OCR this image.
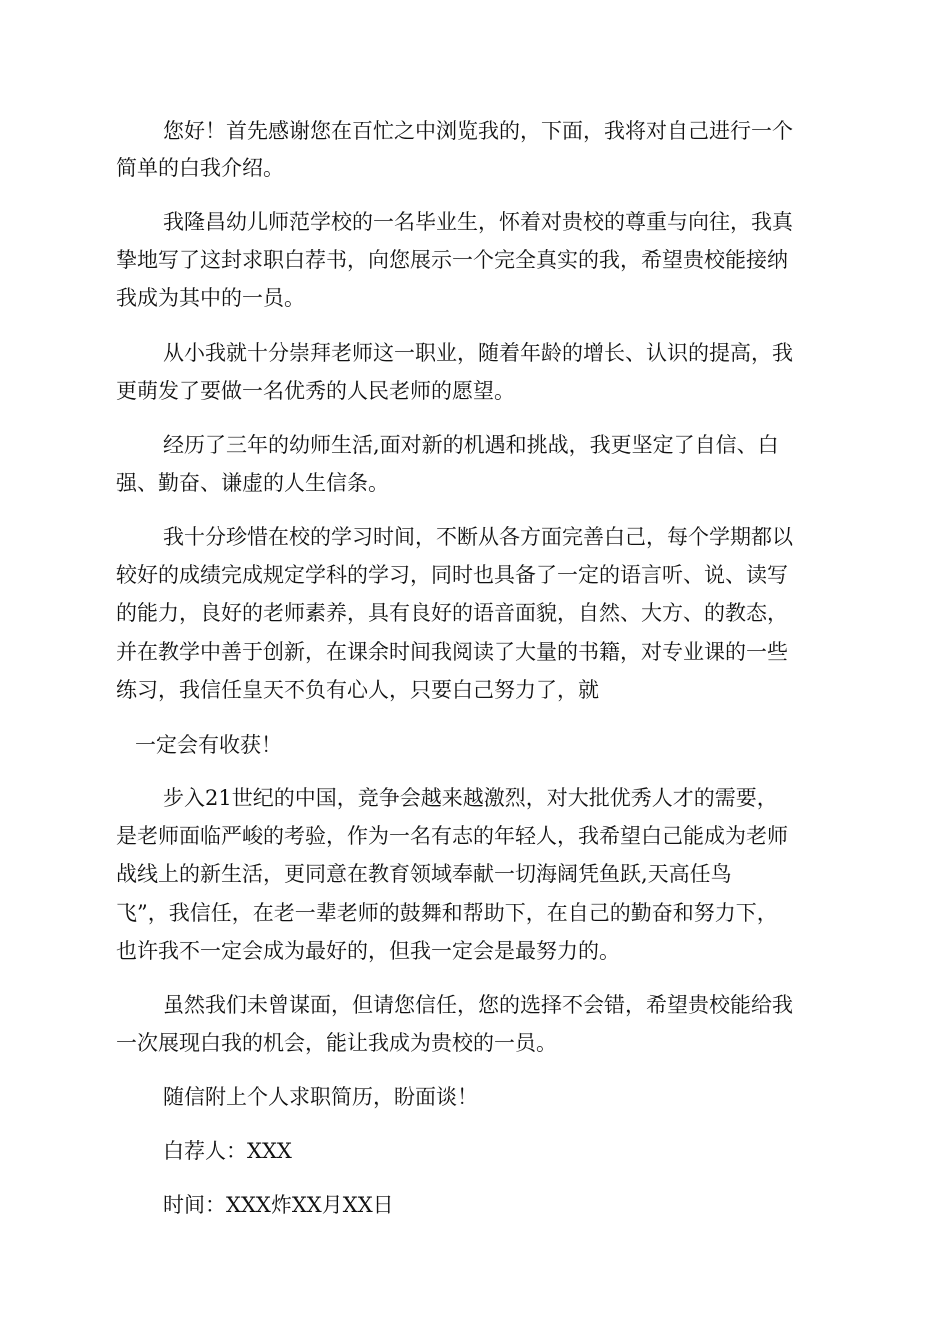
您好！首先感谢您在百忙之中浏览我的，下面，我将对自己进行一个

简单的白我介绍。

我隆昌幼儿师范学校的一名毕业生，怀着对贵校的尊重与向往，我真

挚地写了这封求职白荐书，向您展示一个完全真实的我，希望贵校能接纳

我成为其中的一员。

从小我就十分崇拜老师这一职业，随着年龄的增长、认识的提高，我

更萌发了要做一名优秀的人民老师的愿望。

经历了三年的幼师生活,面对新的机遇和挑战，我更坚定了自信、白

强、勤奋、谦虚的人生信条。

我十分珍惜在校的学习时间，不断从各方面完善白己，每个学期都以

较好的成绩完成规定学科的学习，同时也具备了一定的语言听、说、读写

的能力，良好的老师素养，具有良好的语音面貌，自然、大方、的教态，

并在教学中善于创新，在课余时间我阅读了大量的书籍，对专业课的一些

练习，我信任皇天不负有心人，只要白己努力了，就

一定会有收获！

步入21世纪的中国，竞争会越来越激烈，对大批优秀人才的需要，

是老师面临严峻的考验，作为一名有志的年轻人，我希望白己能成为老师

战线上的新生活，更同意在教育领域奉献一切海阔凭鱼跃,天高任鸟

飞”，我信任，在老一辈老师的鼓舞和帮助下，在自己的勤奋和努力下，

也许我不一定会成为最好的，但我一定会是最努力的。

虽然我们未曾谋面，但请您信任，您的选择不会错，希望贵校能给我

一次展现白我的机会，能让我成为贵校的一员。

随信附上个人求职简历，盼面谈！

白荐人：XXX

时间：XXX炸XX月XX日
